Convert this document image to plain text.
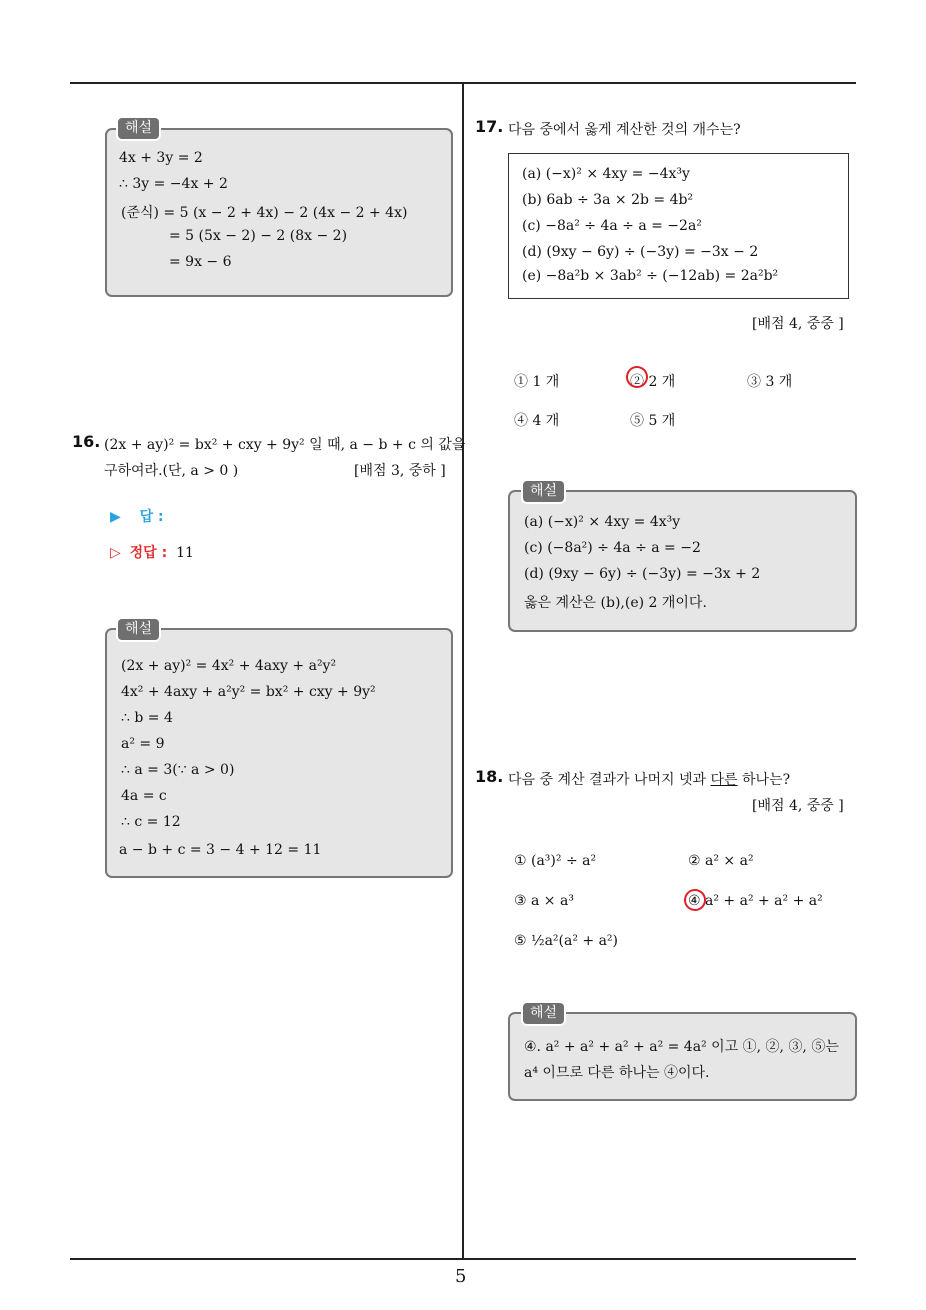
5
4x + 3y = 2
∴ 3y = −4x + 2
(준식) = 5 (x − 2 + 4x) − 2 (4x − 2 + 4x)
= 5 (5x − 2) − 2 (8x − 2)
= 9x − 6
해설
16. (2x + ay)² = bx² + cxy + 9y² 일 때, a − b + c 의 값을
구하여라.(단, a > 0 )	[배점 3, 중하 ]
▶ 답 :
▷ 정답 : 11
(2x + ay)² = 4x² + 4axy + a²y²
4x² + 4axy + a²y² = bx² + cxy + 9y²
∴ b = 4
a² = 9
∴ a = 3(∵ a > 0)
4a = c
∴ c = 12
a − b + c = 3 − 4 + 12 = 11
해설
17. 다음 중에서 옳게 계산한 것의 개수는?
(a) (−x)² × 4xy = −4x³y
(b) 6ab ÷ 3a × 2b = 4b²
(c) −8a² ÷ 4a ÷ a = −2a²
(d) (9xy − 6y) ÷ (−3y) = −3x − 2
(e) −8a²b × 3ab² ÷ (−12ab) = 2a²b²
[배점 4, 중중 ]
① 1 개	② 2 개	③ 3 개
④ 4 개	⑤ 5 개
(a) (−x)² × 4xy = 4x³y
(c) (−8a²) ÷ 4a ÷ a = −2
(d) (9xy − 6y) ÷ (−3y) = −3x + 2
옳은 계산은 (b),(e) 2 개이다.
해설
18. 다음 중 계산 결과가 나머지 넷과 다른 하나는?
[배점 4, 중중 ]
① (a³)² ÷ a²	② a² × a²
③ a × a³	④ a² + a² + a² + a²
⑤ ½a²(a² + a²)
④. a² + a² + a² + a² = 4a² 이고 ①, ②, ③, ⑤는
a⁴ 이므로 다른 하나는 ④이다.
해설
